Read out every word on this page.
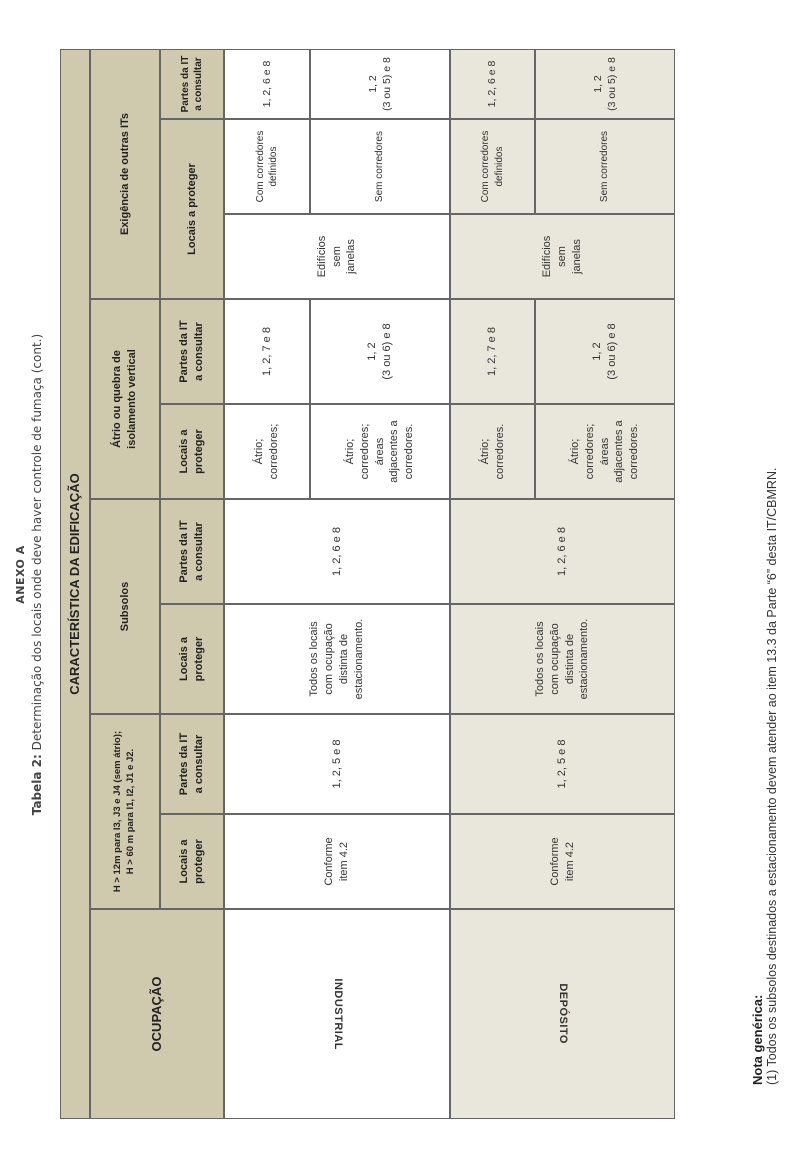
ANEXO A
Tabela 2: Determinação dos locais onde deve haver controle de fumaça (cont.)	CARACTERÍSTICA DA EDIFICAÇÃO
OCUPAÇÃO
H > 12m para I3, J3 e J4 (sem átrio);
H > 60 m para I1, I2, J1 e J2.
Subsolos
Átrio ou quebra de
isolamento vertical
Exigência de outras ITs
Locais a
proteger
Partes da IT
a consultar
Locais a
proteger
Partes da IT
a consultar
Locais a
proteger
Partes da IT
a consultar
Locais a proteger
Partes da IT
a consultar
INDUSTRIAL
Conforme
item 4.2
1, 2, 5 e 8
Todos os locais
com ocupação
distinta de
estacionamento.
1, 2, 6 e 8
Átrio;
corredores;
1, 2, 7 e 8
Átrio;
corredores;
áreas
adjacentes a
corredores.
1, 2
(3 ou 6) e 8
Edifícios
sem
janelas
Com corredores
definidos
1, 2, 6 e 8
Sem corredores
1, 2
(3 ou 5) e 8
DEPÓSITO
Conforme
item 4.2
1, 2, 5 e 8
Todos os locais
com ocupação
distinta de
estacionamento.
1, 2, 6 e 8
Átrio;
corredores.
1, 2, 7 e 8
Átrio;
corredores;
áreas
adjacentes a
corredores.
1, 2
(3 ou 6) e 8
Edifícios
sem
janelas
Com corredores
definidos
1, 2, 6 e 8
Sem corredores
1, 2
(3 ou 5) e 8
Nota genérica: (1) Todos os subsolos destinados a estacionamento devem atender ao item 13.3 da Parte “6” desta IT/CBMRN.
